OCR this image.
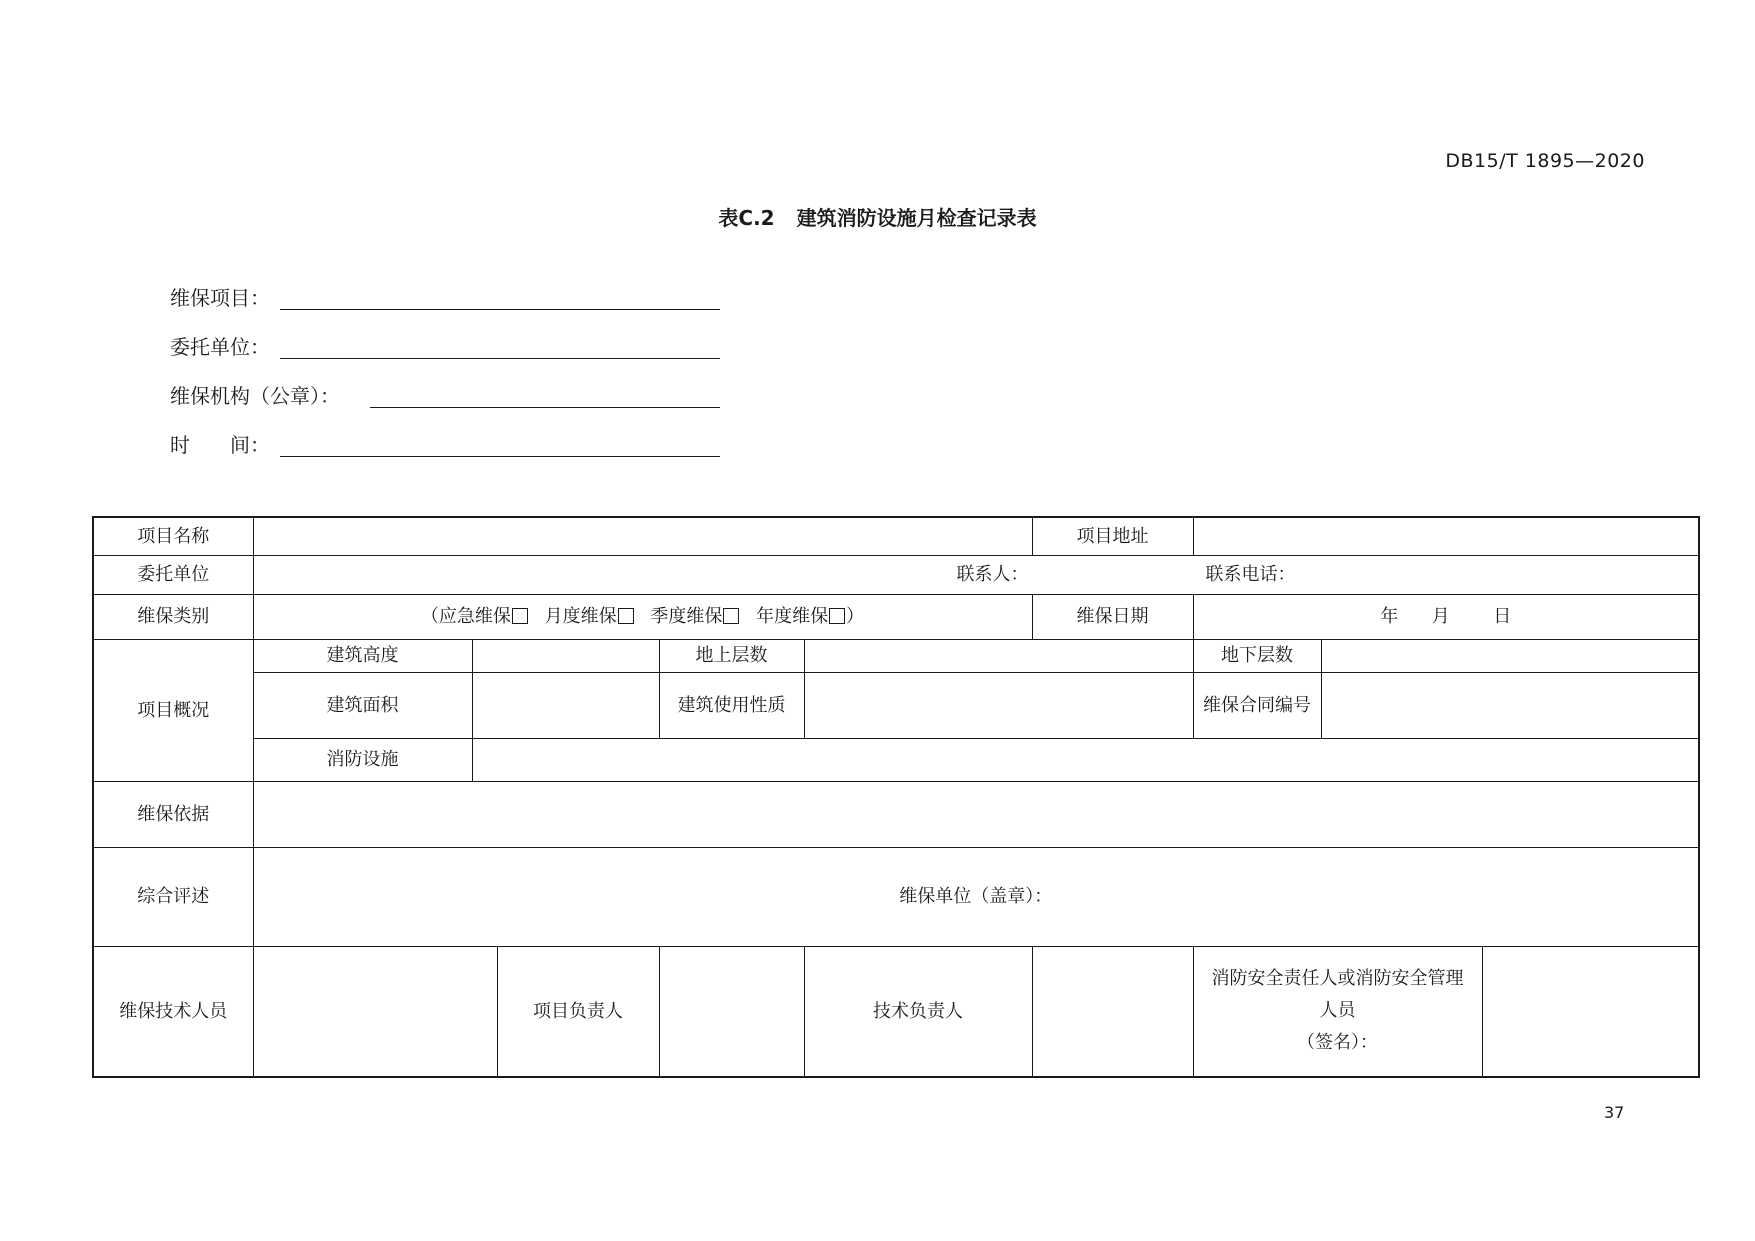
DB15/T 1895—2020
表C.2 建筑消防设施月检查记录表
维保项目：
委托单位：
维保机构（公章）：
时　　间：
项目名称						项目地址			
委托单位	联系人： 联系电话：								

维保类别	（应急维保 月度维保 季度维保 年度维保 ）					维保日期	年 月 日		
项目概况	建筑高度			地上层数			地下层数		
	建筑面积			建筑使用性质			维保合同编号		
	消防设施								
维保依据									
综合评述	维保单位（盖章）：								
维保技术人员			项目负责人		技术负责人		消防安全责任人或消防安全管理人员
（签名）：		

37
